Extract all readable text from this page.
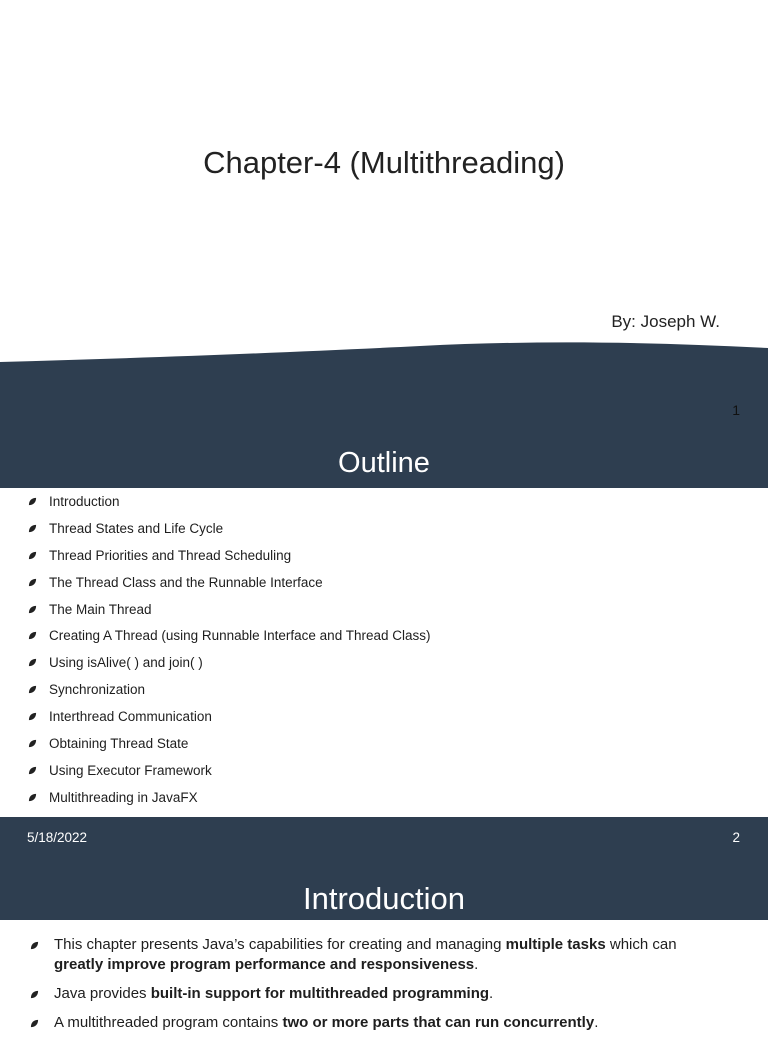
Chapter-4 (Multithreading)
By: Joseph W.
1
Outline
Introduction
Thread States and Life Cycle
Thread Priorities and Thread Scheduling
The Thread Class and the Runnable Interface
The Main Thread
Creating A Thread (using Runnable Interface and Thread Class)
Using isAlive( ) and join( )
Synchronization
Interthread Communication
Obtaining Thread State
Using Executor Framework
Multithreading in JavaFX
5/18/2022	2
Introduction
This chapter presents Java’s capabilities for creating and managing multiple tasks which can greatly improve program performance and responsiveness.
Java provides built-in support for multithreaded programming.
A multithreaded program contains two or more parts that can run concurrently.
